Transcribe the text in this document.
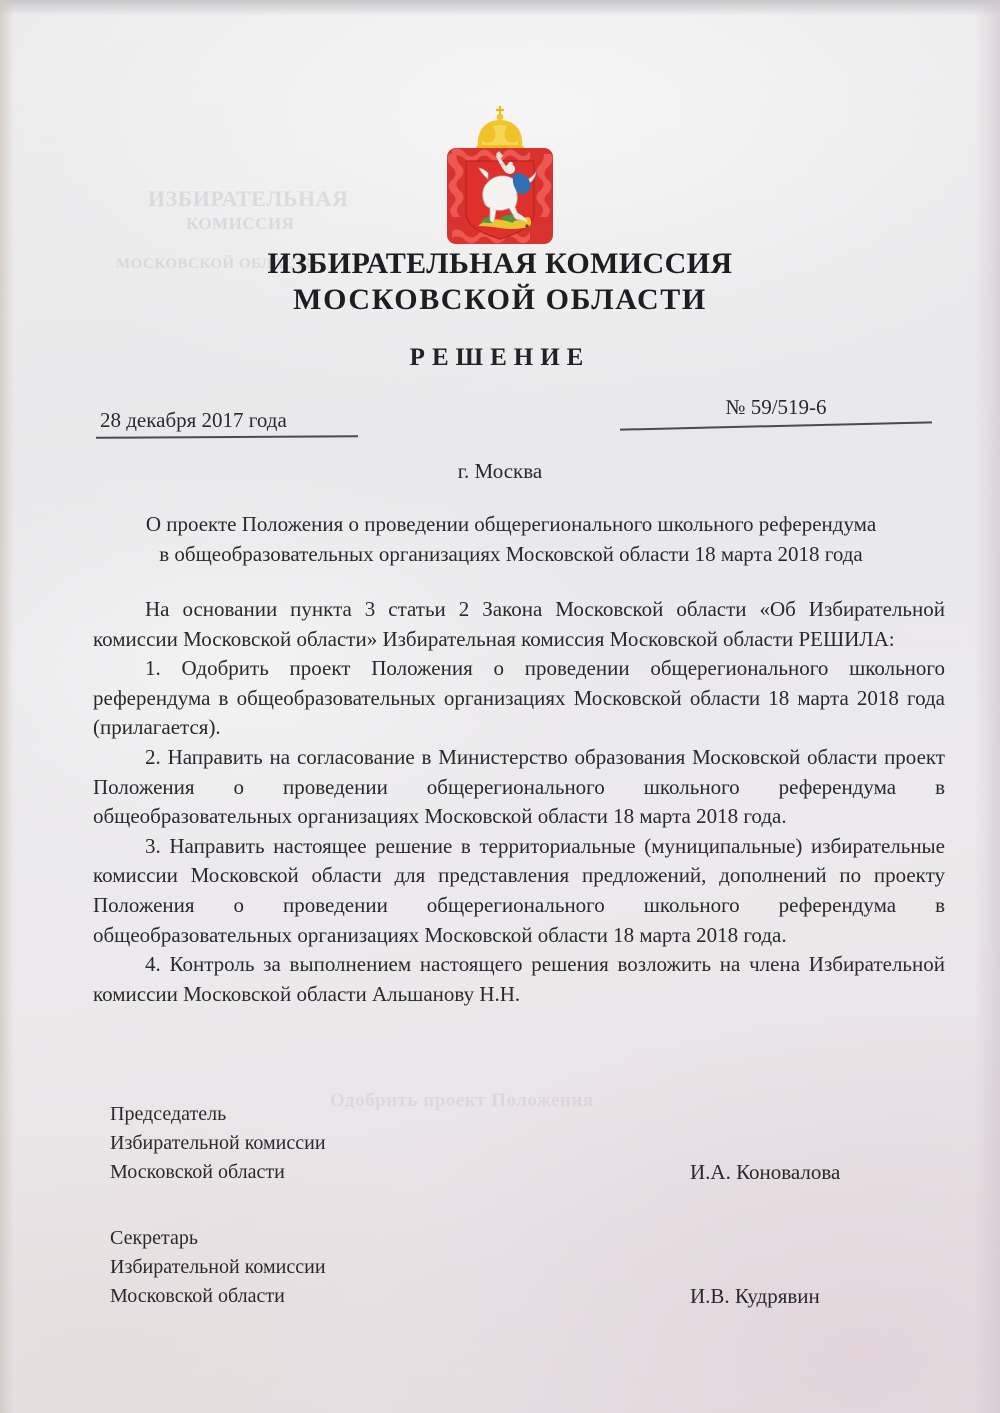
ИЗБИРАТЕЛЬНАЯ
КОМИССИЯ
МОСКОВСКОЙ ОБЛАСТИ
Одобрить проект Положения
ИЗБИРАТЕЛЬНАЯ КОМИССИЯ
МОСКОВСКОЙ ОБЛАСТИ
РЕШЕНИЕ
28 декабря 2017 года
№ 59/519-6
г. Москва
О проекте Положения о проведении общерегионального школьного референдума
в общеобразовательных организациях Московской области 18 марта 2018 года

На основании пункта 3 статьи 2 Закона Московской области «Об Избирательной комиссии Московской области» Избирательная комиссия Московской области РЕШИЛА:

1. Одобрить проект Положения о проведении общерегионального школьного референдума в общеобразовательных организациях Московской области 18 марта 2018 года (прилагается).

2. Направить на согласование в Министерство образования Московской области проект Положения о проведении общерегионального школьного референдума в общеобразовательных организациях Московской области 18 марта 2018 года.

3. Направить настоящее решение в территориальные (муниципальные) избирательные комиссии Московской области для представления предложений, дополнений по проекту Положения о проведении общерегионального школьного референдума в общеобразовательных организациях Московской области 18 марта 2018 года.

4. Контроль за выполнением настоящего решения возложить на члена Избирательной комиссии Московской области Альшанову Н.Н.

Председатель
Избирательной комиссии
Московской области	И.А. Коновалова
Секретарь
Избирательной комиссии
Московской области	И.В. Кудрявин
